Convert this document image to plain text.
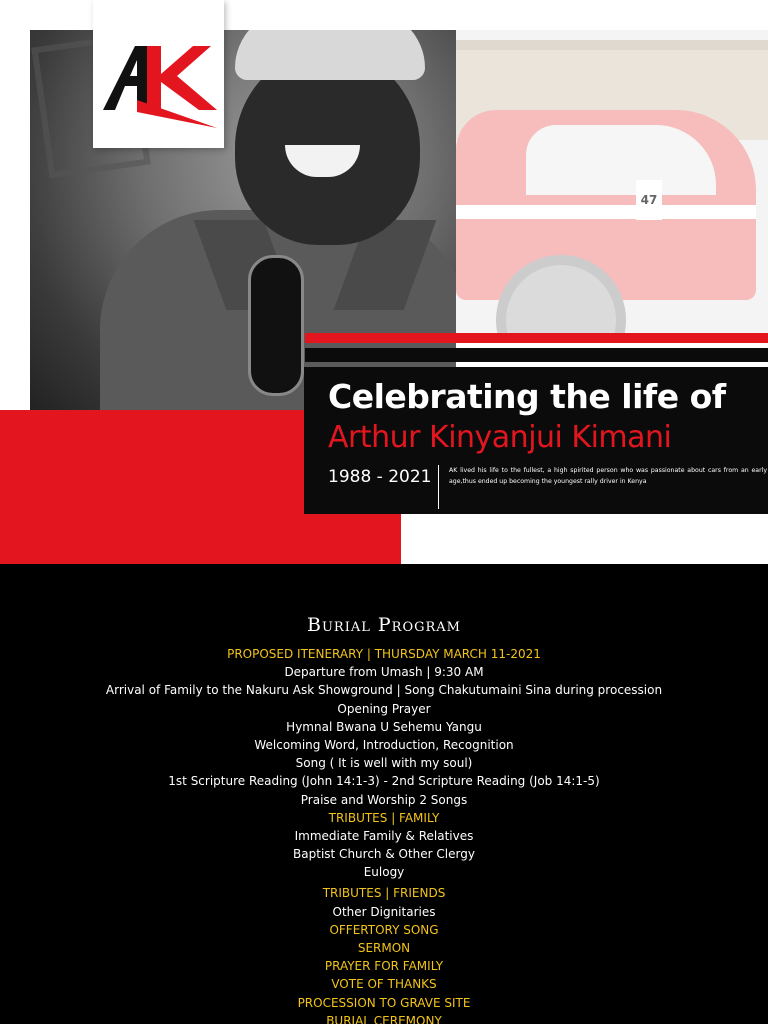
47
Celebrating the life of
Arthur Kinyanjui Kimani
1988 - 2021	AK lived his life to the fullest, a high spirited person who was passionate about cars from an early age,thus ended up becoming the youngest rally driver in Kenya
Burial Program
PROPOSED ITENERARY | THURSDAY MARCH 11-2021
Departure from Umash | 9:30 AM
Arrival of Family to the Nakuru Ask Showground | Song Chakutumaini Sina during procession
Opening Prayer
Hymnal Bwana U Sehemu Yangu
Welcoming Word, Introduction, Recognition
Song ( It is well with my soul)
1st Scripture Reading (John 14:1-3) - 2nd Scripture Reading (Job 14:1-5)
Praise and Worship 2 Songs
TRIBUTES | FAMILY
Immediate Family & Relatives
Baptist Church & Other Clergy
Eulogy
TRIBUTES | FRIENDS
Other Dignitaries
OFFERTORY SONG
SERMON
PRAYER FOR FAMILY
VOTE OF THANKS
PROCESSION TO GRAVE SITE
BURIAL CEREMONY
